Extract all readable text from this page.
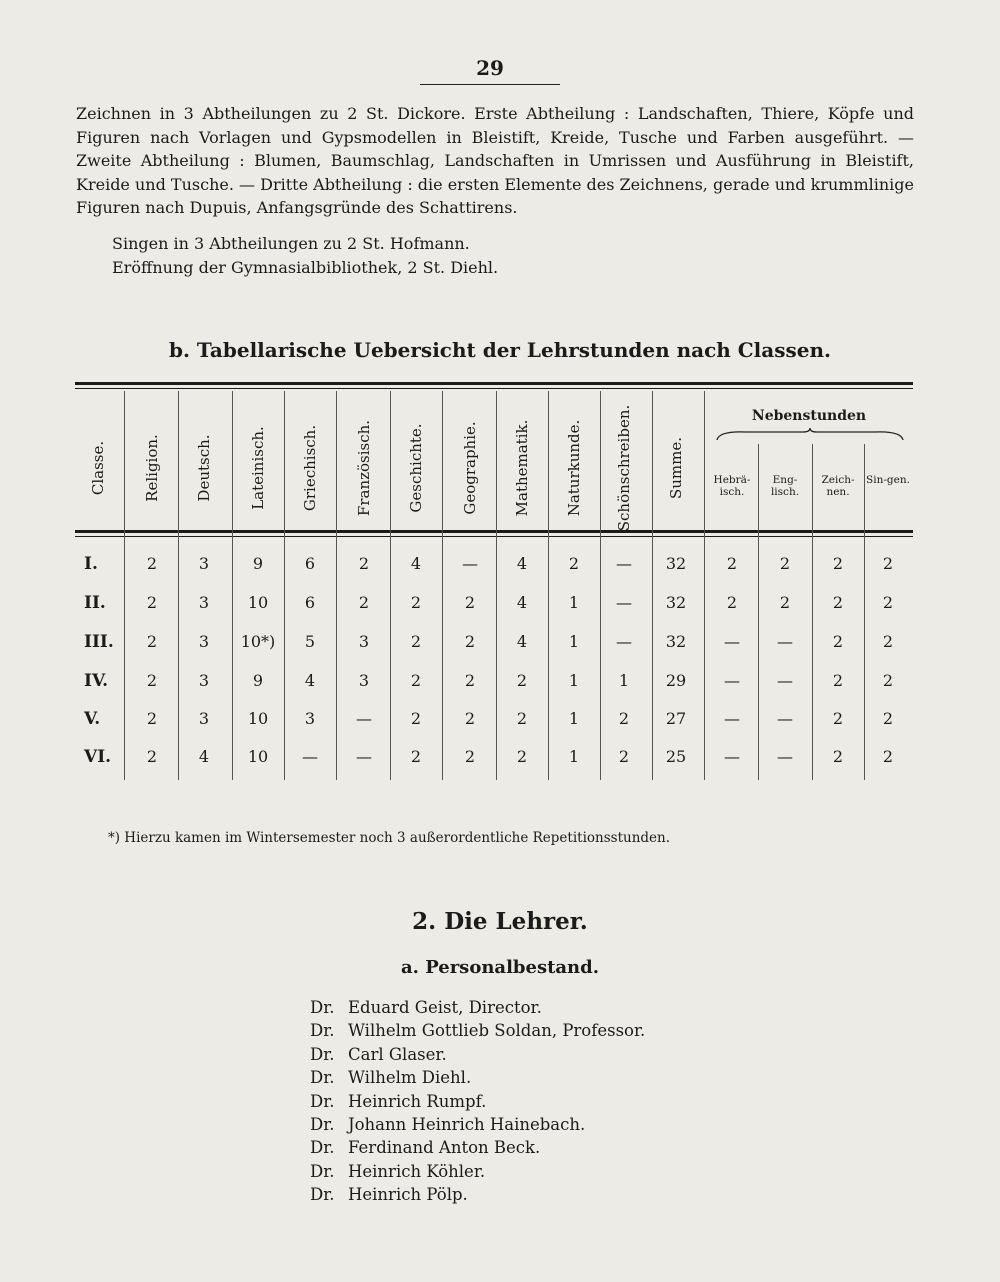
29
Zeichnen in 3 Abtheilungen zu 2 St. Dickore. Erste Abtheilung : Landschaften, Thiere, Köpfe und Figuren nach Vorlagen und Gypsmodellen in Bleistift, Kreide, Tusche und Farben ausgeführt. — Zweite Abtheilung : Blumen, Baumschlag, Landschaften in Umrissen und Ausführung in Bleistift, Kreide und Tusche. — Dritte Abtheilung : die ersten Elemente des Zeichnens, gerade und krummlinige Figuren nach Dupuis, Anfangsgründe des Schattirens.
Singen in 3 Abtheilungen zu 2 St. Hofmann.
Eröffnung der Gymnasialbibliothek, 2 St. Diehl.
b. Tabellarische Uebersicht der Lehrstunden nach Classen.
Classe. Religion. Deutsch. Lateinisch. Griechisch. Französisch. Geschichte. Geographie. Mathematik. Naturkunde. Schönschreiben. Summe.
Nebenstunden
Hebrä-isch.
Eng-lisch.
Zeich-nen.
Sin-gen.
I.	2	3	9	6	2	4	—	4	2	—	32	2	2	2	2
II.	2	3	10	6	2	2	2	4	1	—	32	2	2	2	2
III.	2	3	10*)	5	3	2	2	4	1	—	32	—	—	2	2
IV.	2	3	9	4	3	2	2	2	1	1	29	—	—	2	2
V.	2	3	10	3	—	2	2	2	1	2	27	—	—	2	2
VI.	2	4	10	—	—	2	2	2	1	2	25	—	—	2	2
*) Hierzu kamen im Wintersemester noch 3 außerordentliche Repetitionsstunden.
2. Die Lehrer.
a. Personalbestand.
Dr. Eduard Geist, Director.
Dr. Wilhelm Gottlieb Soldan, Professor.
Dr. Carl Glaser.
Dr. Wilhelm Diehl.
Dr. Heinrich Rumpf.
Dr. Johann Heinrich Hainebach.
Dr. Ferdinand Anton Beck.
Dr. Heinrich Köhler.
Dr. Heinrich Pölp.
